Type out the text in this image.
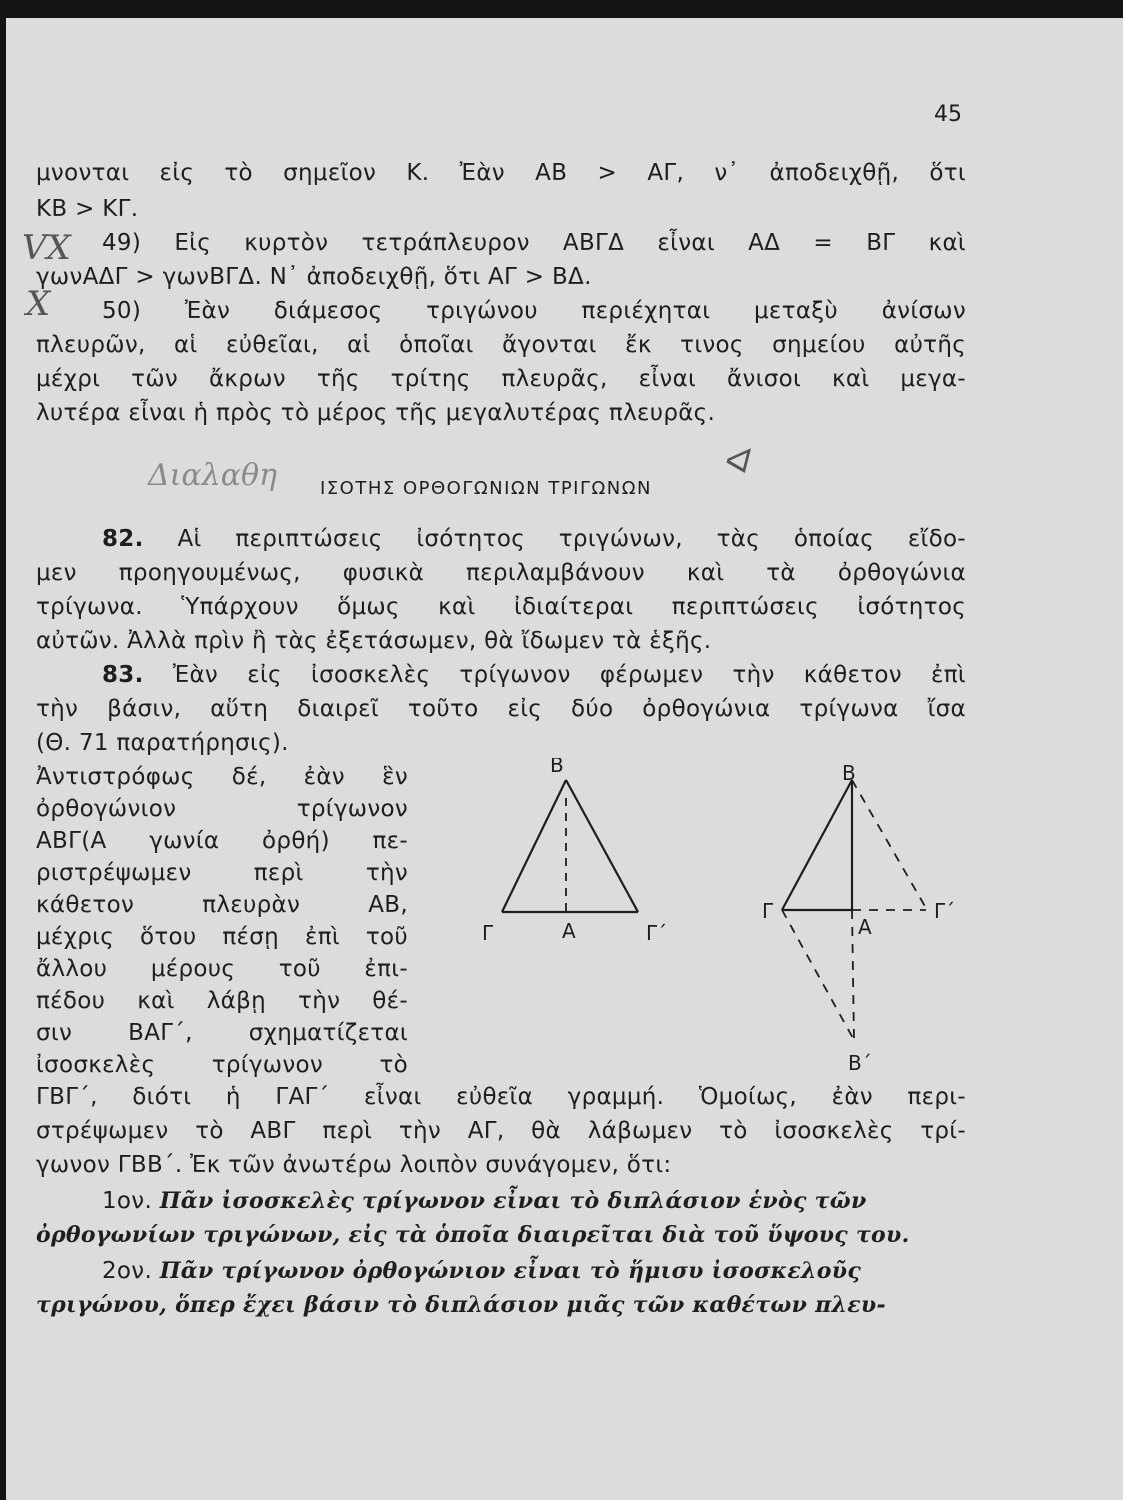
45
μνονται εἰς τὸ σημεῖον Κ. Ἐὰν ΑΒ > ΑΓ, ν᾿ ἀποδειχθῇ, ὅτι
ΚΒ > ΚΓ.
49) Εἰς κυρτὸν τετράπλευρον ΑΒΓΔ εἶναι ΑΔ = ΒΓ καὶ
γωνΑΔΓ > γωνΒΓΔ. Ν᾿ ἀποδειχθῇ, ὅτι ΑΓ > ΒΔ.
50) Ἐὰν διάμεσος τριγώνου περιέχηται μεταξὺ ἀνίσων
πλευρῶν, αἱ εὐθεῖαι, αἱ ὁποῖαι ἄγονται ἔκ τινος σημείου αὐτῆς
μέχρι τῶν ἄκρων τῆς τρίτης πλευρᾶς, εἶναι ἄνισοι καὶ μεγα-
λυτέρα εἶναι ἡ πρὸς τὸ μέρος τῆς μεγαλυτέρας πλευρᾶς.
VX
X
Διαλαθη	ᐊ
ΙΣΟΤΗΣ ΟΡΘΟΓΩΝΙΩΝ ΤΡΙΓΩΝΩΝ
82. Αἱ περιπτώσεις ἰσότητος τριγώνων, τὰς ὁποίας εἴδο-
μεν προηγουμένως, φυσικὰ περιλαμβάνουν καὶ τὰ ὀρθογώνια
τρίγωνα. Ὑπάρχουν ὅμως καὶ ἰδιαίτεραι περιπτώσεις ἰσότητος
αὐτῶν. Ἀλλὰ πρὶν ἢ τὰς ἐξετάσωμεν, θὰ ἴδωμεν τὰ ἑξῆς.
83. Ἐὰν εἰς ἰσοσκελὲς τρίγωνον φέρωμεν τὴν κάθετον ἐπὶ
τὴν βάσιν, αὕτη διαιρεῖ τοῦτο εἰς δύο ὀρθογώνια τρίγωνα ἴσα
(Θ. 71 παρατήρησις).
Ἀντιστρόφως δέ, ἐὰν ἓν
ὀρθογώνιον τρίγωνον
ΑΒΓ(Α γωνία ὀρθή) πε-
ριστρέψωμεν περὶ τὴν
κάθετον πλευρὰν ΑΒ,
μέχρις ὅτου πέσῃ ἐπὶ τοῦ
ἄλλου μέρους τοῦ ἐπι-
πέδου καὶ λάβῃ τὴν θέ-
σιν ΒΑΓ΄, σχηματίζεται
ἰσοσκελὲς τρίγωνον τὸ
ΓΒΓ΄, διότι ἡ ΓΑΓ΄ εἶναι εὐθεῖα γραμμή. Ὁμοίως, ἐὰν περι-
στρέψωμεν τὸ ΑΒΓ περὶ τὴν ΑΓ, θὰ λάβωμεν τὸ ἰσοσκελὲς τρί-
γωνον ΓΒΒ΄. Ἐκ τῶν ἀνωτέρω λοιπὸν συνάγομεν, ὅτι:
1ον. Πᾶν ἰσοσκελὲς τρίγωνον εἶναι τὸ διπλάσιον ἑνὸς τῶν
ὀρθογωνίων τριγώνων, εἰς τὰ ὁποῖα διαιρεῖται διὰ τοῦ ὕψους του.
2ον. Πᾶν τρίγωνον ὀρθογώνιον εἶναι τὸ ἥμισυ ἰσοσκελοῦς
τριγώνου, ὅπερ ἔχει βάσιν τὸ διπλάσιον μιᾶς τῶν καθέτων πλευ-
Β
Γ	Α	Γ΄
Β
Γ
Α
Γ΄
Β΄
